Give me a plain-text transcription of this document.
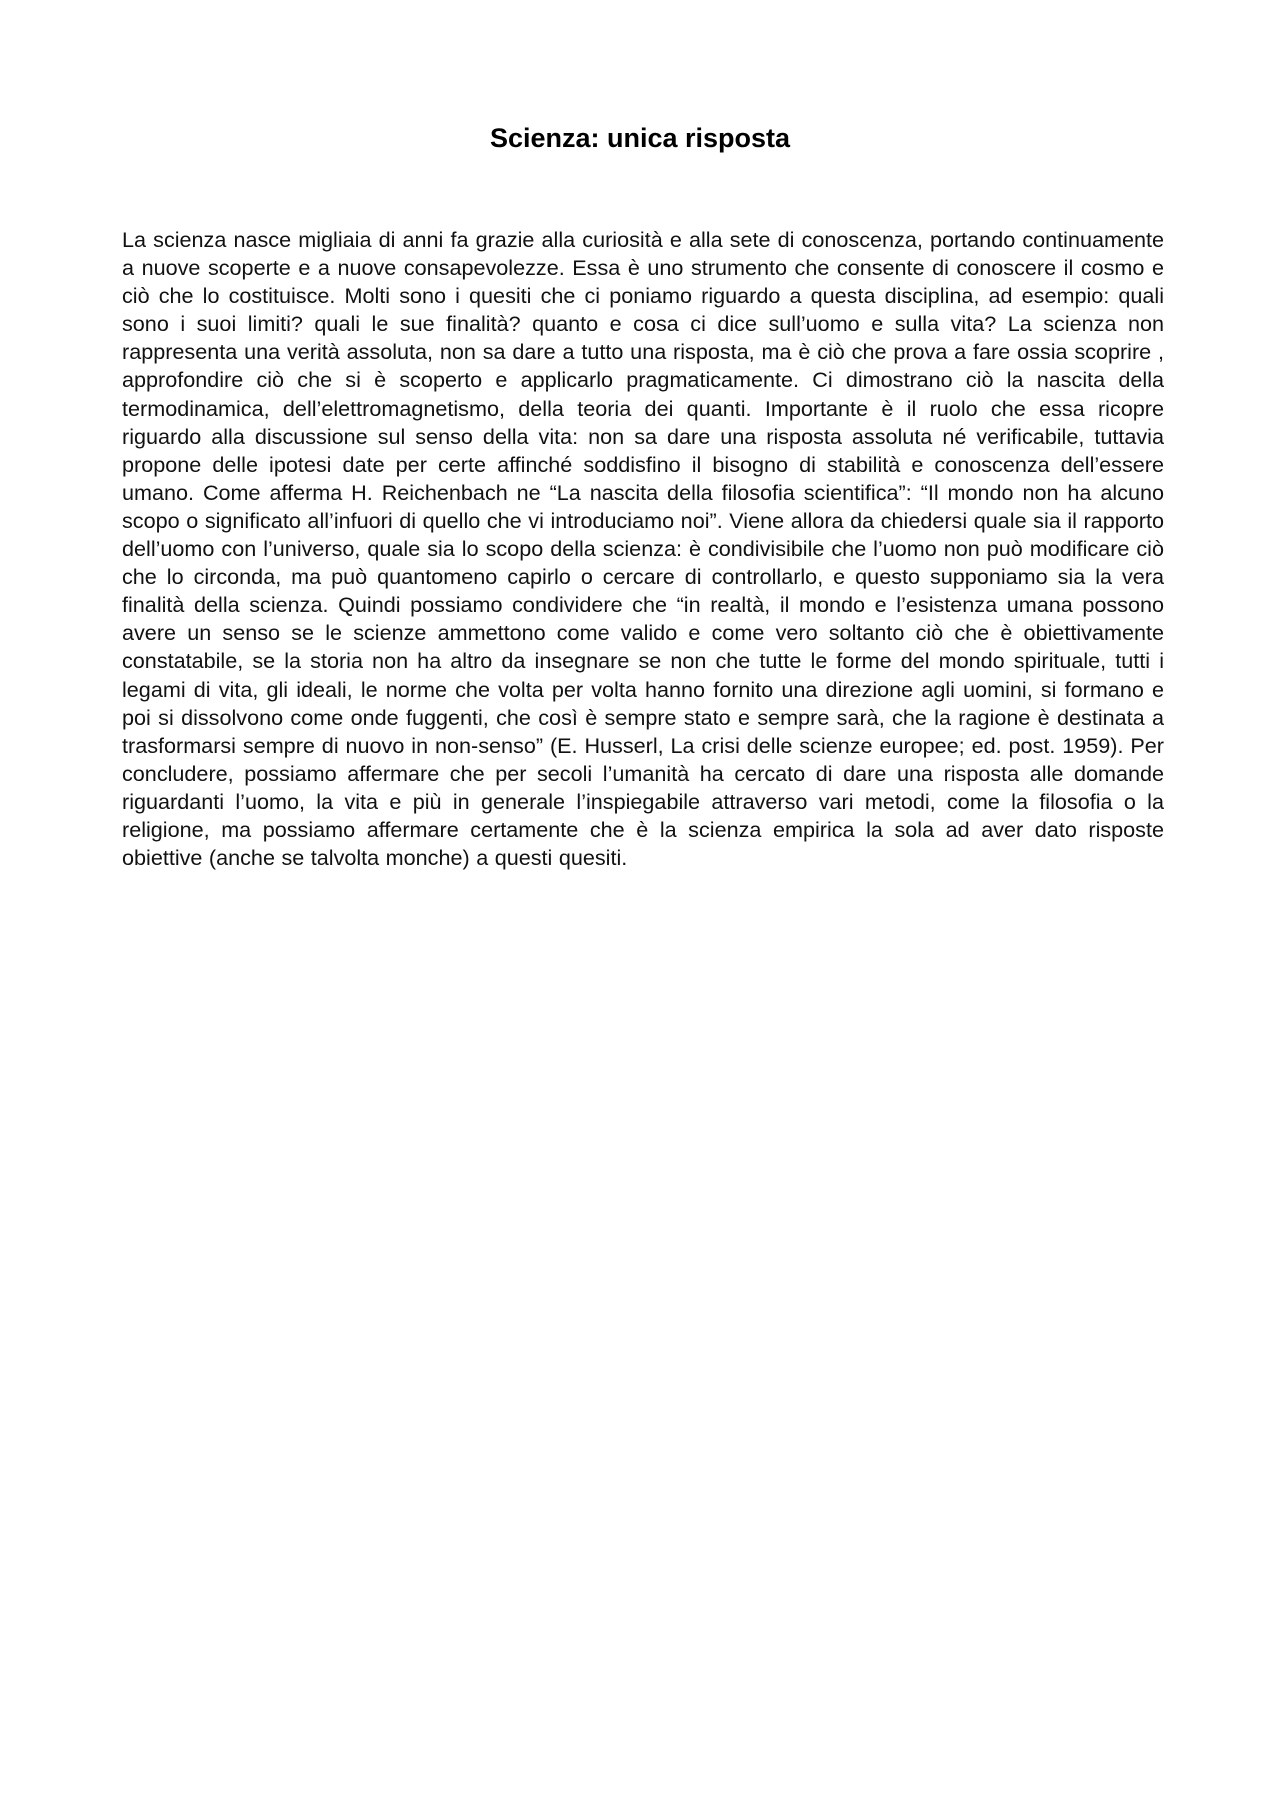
Scienza: unica risposta

La scienza nasce migliaia di anni fa grazie alla curiosità e alla sete di conoscenza, portando continuamente a nuove scoperte e a nuove consapevolezze. Essa è uno strumento che consente di conoscere il cosmo e ciò che lo costituisce. Molti sono i quesiti che ci poniamo riguardo a questa disciplina, ad esempio: quali sono i suoi limiti? quali le sue finalità? quanto e cosa ci dice sull’uomo e sulla vita? La scienza non rappresenta una verità assoluta, non sa dare a tutto una risposta, ma è ciò che prova a fare ossia scoprire , approfondire ciò che si è scoperto e applicarlo pragmaticamente. Ci dimostrano ciò la nascita della termodinamica, dell’elettromagnetismo, della teoria dei quanti. Importante è il ruolo che essa ricopre riguardo alla discussione sul senso della vita: non sa dare una risposta assoluta né verificabile, tuttavia propone delle ipotesi date per certe affinché soddisfino il bisogno di stabilità e conoscenza dell’essere umano. Come afferma H. Reichenbach ne “La nascita della filosofia scientifica”: “Il mondo non ha alcuno scopo o significato all’infuori di quello che vi introduciamo noi”. Viene allora da chiedersi quale sia il rapporto dell’uomo con l’universo, quale sia lo scopo della scienza: è condivisibile che l’uomo non può modificare ciò che lo circonda, ma può quantomeno capirlo o cercare di controllarlo, e questo supponiamo sia la vera finalità della scienza. Quindi possiamo condividere che “in realtà, il mondo e l’esistenza umana possono avere un senso se le scienze ammettono come valido e come vero soltanto ciò che è obiettivamente constatabile, se la storia non ha altro da insegnare se non che tutte le forme del mondo spirituale, tutti i legami di vita, gli ideali, le norme che volta per volta hanno fornito una direzione agli uomini, si formano e poi si dissolvono come onde fuggenti, che così è sempre stato e sempre sarà, che la ragione è destinata a trasformarsi sempre di nuovo in non-senso” (E. Husserl, La crisi delle scienze europee; ed. post. 1959). Per concludere, possiamo affermare che per secoli l’umanità ha cercato di dare una risposta alle domande riguardanti l’uomo, la vita e più in generale l’inspiegabile attraverso vari metodi, come la filosofia o la religione, ma possiamo affermare certamente che è la scienza empirica la sola ad aver dato risposte obiettive (anche se talvolta monche) a questi quesiti.
